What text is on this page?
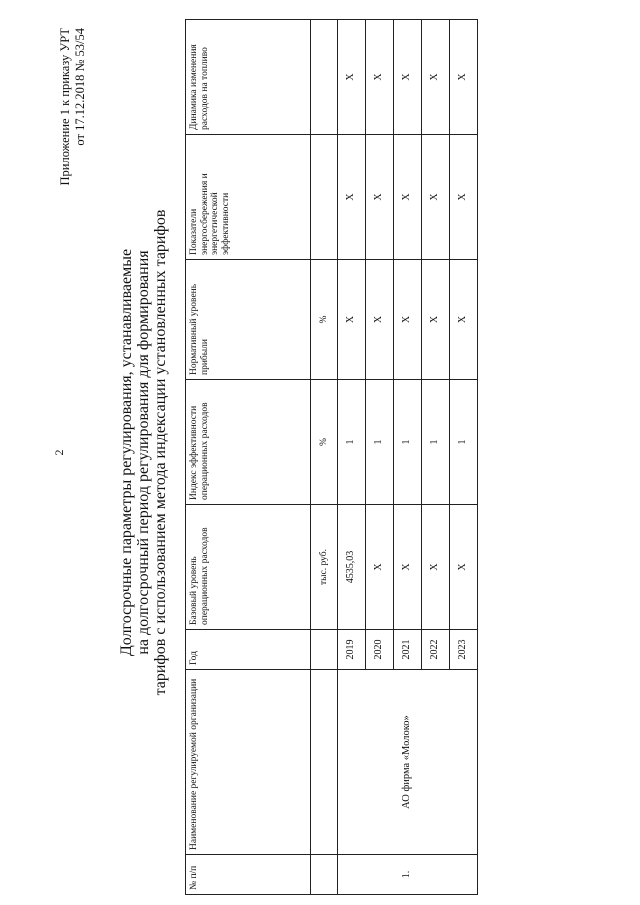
2
Приложение 1 к приказу УРТ от 17.12.2018 № 53/54
Долгосрочные параметры регулирования, устанавливаемые на долгосрочный период регулирования для формирования тарифов с использованием метода индексации установленных тарифов
№ п/п	Наименование регулируемой организации	Год	Базовый уровень операционных расходов	Индекс эффективности операционных расходов	Нормативный уровень прибыли	Показатели энергосбережения и энергетической эффективности	Динамика изменения расходов на топливо
			тыс. руб.	%	%		
1.	АО фирма «Молоко»	2019	4535,03	1	X	X	X
		2020	X	1	X	X	X
		2021	X	1	X	X	X
		2022	X	1	X	X	X
		2023	X	1	X	X	X
